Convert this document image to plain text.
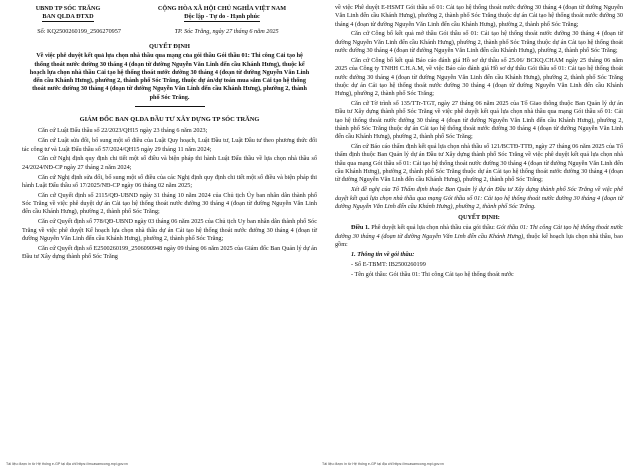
UBND TP SÓC TRĂNG
BAN QLDA ĐTXD
CỘNG HÒA XÃ HỘI CHỦ NGHĨA VIỆT NAM
Độc lập - Tự do - Hạnh phúc
Số: KQ2500260199_2506270957	TP. Sóc Trăng, ngày 27 tháng 6 năm 2025
QUYẾT ĐỊNH
Về việc phê duyệt kết quả lựa chọn nhà thầu qua mạng của gói thầu Gói thầu 01: Thi công Cải tạo hệ thống thoát nước đường 30 tháng 4 (đoạn từ đường Nguyễn Văn Linh đến cầu Khánh Hưng), thuộc kế hoạch lựa chọn nhà thầu Cải tạo hệ thống thoát nước đường 30 tháng 4 (đoạn từ đường Nguyễn Văn Linh đến cầu Khánh Hưng), phường 2, thành phố Sóc Trăng, thuộc dự án/dự toán mua sắm Cải tạo hệ thống thoát nước đường 30 tháng 4 (đoạn từ đường Nguyễn Văn Linh đến cầu Khánh Hưng), phường 2, thành phố Sóc Trăng.
GIÁM ĐỐC BAN QLDA ĐẦU TƯ XÂY DỰNG TP SÓC TRĂNG

Căn cứ Luật Đấu thầu số 22/2023/QH15 ngày 23 tháng 6 năm 2023;

Căn cứ Luật sửa đổi, bổ sung một số điều của Luật Quy hoạch, Luật Đầu tư, Luật Đầu tư theo phương thức đối tác công tư và Luật Đấu thầu số 57/2024/QH15 ngày 29 tháng 11 năm 2024;

Căn cứ Nghị định quy định chi tiết một số điều và biện pháp thi hành Luật Đấu thầu về lựa chọn nhà thầu số 24/2024/NĐ-CP ngày 27 tháng 2 năm 2024;

Căn cứ Nghị định sửa đổi, bổ sung một số điều của các Nghị định quy định chi tiết một số điều và biện pháp thi hành Luật Đấu thầu số 17/2025/NĐ-CP ngày 06 tháng 02 năm 2025;

Căn cứ Quyết định số 2115/QĐ-UBND ngày 31 tháng 10 năm 2024 của Chủ tịch Ủy ban nhân dân thành phố Sóc Trăng về việc phê duyệt dự án Cải tạo hệ thống thoát nước đường 30 tháng 4 (đoạn từ đường Nguyễn Văn Linh đến cầu Khánh Hưng), phường 2, thành phố Sóc Trăng;

Căn cứ Quyết định số 778/QĐ-UBND ngày 03 tháng 06 năm 2025 của Chủ tịch Uy ban nhân dân thành phố Sóc Trăng về việc phê duyệt Kế hoạch lựa chọn nhà thầu dự án Cải tạo hệ thống thoát nước đường 30 tháng 4 (đoạn từ đường Nguyễn Văn Linh đến cầu Khánh Hưng), phường 2, thành phố Sóc Trăng;

Căn cứ Quyết định số E2500260199_2506090948 ngày 09 tháng 06 năm 2025 của Giám đốc Ban Quản lý dự án Đầu tư Xây dựng thành phố Sóc Trăng

về việc Phê duyệt E-HSMT Gói thầu số 01: Cải tạo hệ thống thoát nước đường 30 tháng 4 (đoạn từ đường Nguyễn Văn Linh đến cầu Khánh Hưng), phường 2, thành phố Sóc Trăng thuộc dự án Cải tạo hệ thống thoát nước đường 30 tháng 4 (đoạn từ đường Nguyễn Văn Linh đến cầu Khánh Hưng), phường 2, thành phố Sóc Trăng;

Căn cứ Công bố kết quả mở thầu Gói thầu số 01: Cải tạo hệ thống thoát nước đường 30 tháng 4 (đoạn từ đường Nguyễn Văn Linh đến cầu Khánh Hưng), phường 2, thành phố Sóc Trăng thuộc dự án Cải tạo hệ thống thoát nước đường 30 tháng 4 (đoạn từ đường Nguyễn Văn Linh đến cầu Khánh Hưng), phường 2, thành phố Sóc Trăng;

Căn cứ Công bố kết quả Báo cáo đánh giá Hồ sơ dự thầu số 25.06/ BCKQ.CHAM ngày 25 tháng 06 năm 2025 của Công ty TNHH C.H.A.M, về việc Báo cáo đánh giá Hồ sơ dự thầu Gói thầu số 01: Cải tạo hệ thống thoát nước đường 30 tháng 4 (đoạn từ đường Nguyễn Văn Linh đến cầu Khánh Hưng), phường 2, thành phố Sóc Trăng thuộc dự án Cải tạo hệ thống thoát nước đường 30 tháng 4 (đoạn từ đường Nguyễn Văn Linh đến cầu Khánh Hưng), phường 2, thành phố Sóc Trăng;

Căn cứ Tờ trình số 135/TTr-TGT, ngày 27 tháng 06 năm 2025 của Tổ Giao thông thuộc Ban Quản lý dự án Đầu tư Xây dựng thành phố Sóc Trăng về việc phê duyệt kết quả lựa chọn nhà thầu qua mạng Gói thầu số 01: Cải tạo hệ thống thoát nước đường 30 tháng 4 (đoạn từ đường Nguyễn Văn Linh đến cầu Khánh Hưng), phường 2, thành phố Sóc Trăng thuộc dự án Cải tạo hệ thống thoát nước đường 30 tháng 4 (đoạn từ đường Nguyễn Văn Linh đến cầu Khánh Hưng), phường 2, thành phố Sóc Trăng;

Căn cứ Báo cáo thẩm định kết quả lựa chọn nhà thầu số 121/BCTĐ-TTĐ, ngày 27 tháng 06 năm 2025 của Tổ thẩm định thuộc Ban Quản lý dự án Đầu tư Xây dựng thành phố Sóc Trăng về việc phê duyệt kết quả lựa chọn nhà thầu qua mạng Gói thầu số 01: Cải tạo hệ thống thoát nước đường 30 tháng 4 (đoạn từ đường Nguyễn Văn Linh đến cầu Khánh Hưng), phường 2, thành phố Sóc Trăng thuộc dự án Cải tạo hệ thống thoát nước đường 30 tháng 4 (đoạn từ đường Nguyễn Văn Linh đến cầu Khánh Hưng), phường 2, thành phố Sóc Trăng;

Xét đề nghị của Tổ Thẩm định thuộc Ban Quản lý dự án Đầu tư Xây dựng thành phố Sóc Trăng về việc phê duyệt kết quả lựa chọn nhà thầu qua mạng Gói thầu số 01: Cải tạo hệ thống thoát nước đường 30 tháng 4 (đoạn từ đường Nguyễn Văn Linh đến cầu Khánh Hưng), phường 2, thành phố Sóc Trăng.

QUYẾT ĐỊNH:

Điều 1. Phê duyệt kết quả lựa chọn nhà thầu của gói thầu: Gói thầu 01: Thi công Cải tạo hệ thống thoát nước đường 30 tháng 4 (đoạn từ đường Nguyễn Văn Linh đến cầu Khánh Hưng), thuộc kế hoạch lựa chọn nhà thầu, bao gồm:

1. Thông tin về gói thầu:

- Số E-TBMT: IB2500260199

- Tên gói thầu: Gói thầu 01: Thi công Cải tạo hệ thống thoát nước

Tài liệu được in từ Hệ thống e-GP tại địa chỉ https://muasamcong.mpi.gov.vn	Tài liệu được in từ Hệ thống e-GP tại địa chỉ https://muasamcong.mpi.gov.vn
